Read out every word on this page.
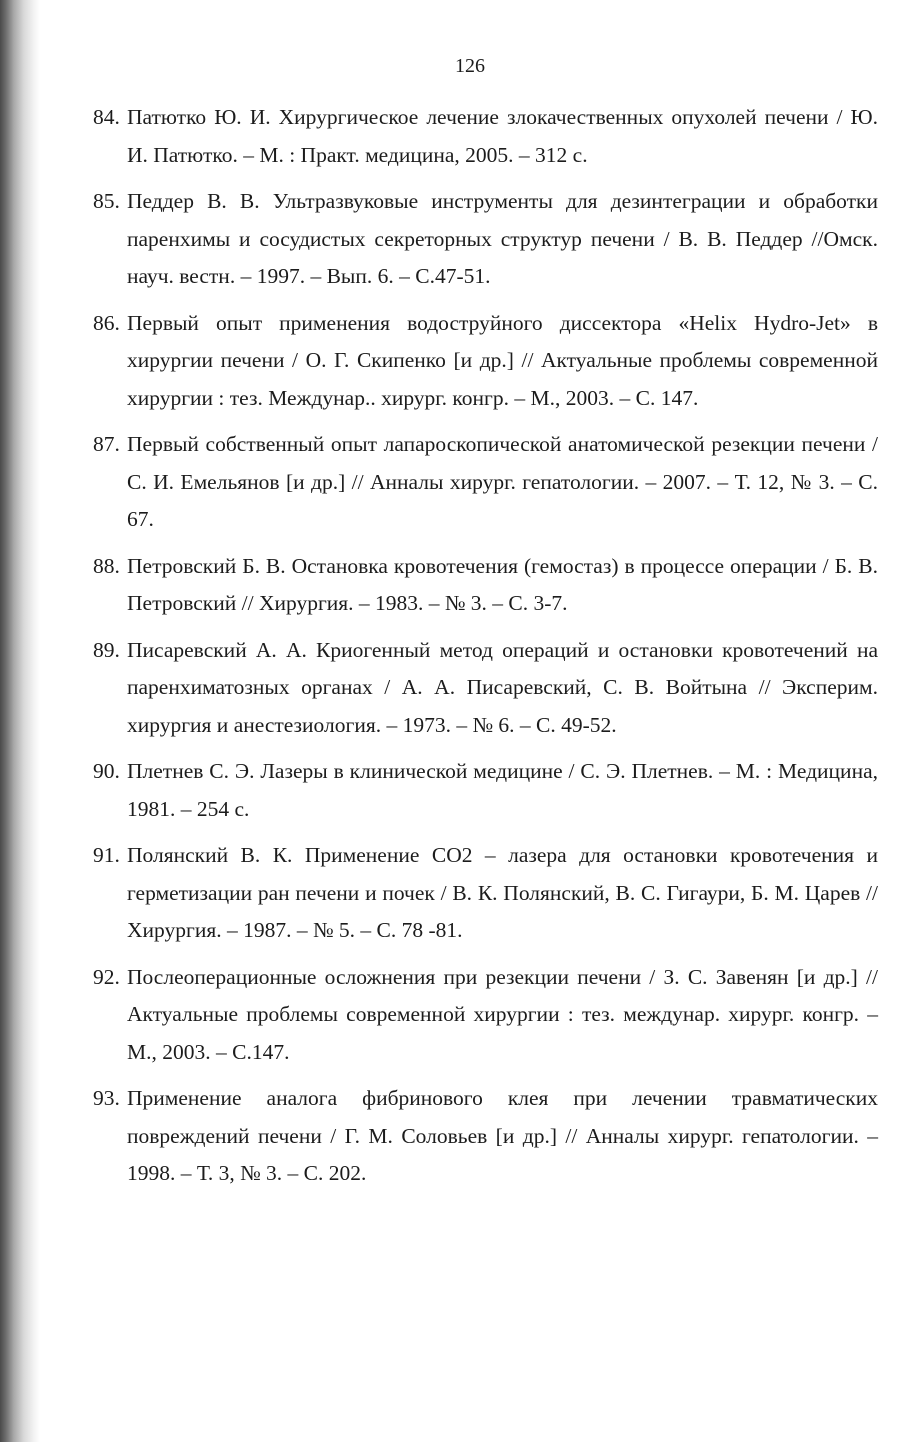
126
84. Патютко Ю. И. Хирургическое лечение злокачественных опухолей печени / Ю. И. Патютко. – М. : Практ. медицина, 2005. – 312 с.
85. Педдер В. В. Ультразвуковые инструменты для дезинтеграции и обработки паренхимы и сосудистых секреторных структур печени / В. В. Педдер //Омск. науч. вестн. – 1997. – Вып. 6. – С.47-51.
86. Первый опыт применения водоструйного диссектора «Helix Hydro-Jet» в хирургии печени / О. Г. Скипенко [и др.] // Актуальные проблемы современной хирургии : тез. Междунар.. хирург. конгр. – М., 2003. – С. 147.
87. Первый собственный опыт лапароскопической анатомической резекции печени / С. И. Емельянов [и др.] // Анналы хирург. гепатологии. – 2007. – Т. 12, № 3. – С. 67.
88. Петровский Б. В. Остановка кровотечения (гемостаз) в процессе операции / Б. В. Петровский // Хирургия. – 1983. – № 3. – С. 3-7.
89. Писаревский А. А. Криогенный метод операций и остановки кровотечений на паренхиматозных органах / А. А. Писаревский, С. В. Войтына // Эксперим. хирургия и анестезиология. – 1973. – № 6. – С. 49-52.
90. Плетнев С. Э. Лазеры в клинической медицине / С. Э. Плетнев. – М. : Медицина, 1981. – 254 с.
91. Полянский В. К. Применение СО2 – лазера для остановки кровотечения и герметизации ран печени и почек / В. К. Полянский, В. С. Гигаури, Б. М. Царев // Хирургия. – 1987. – № 5. – С. 78 -81.
92. Послеоперационные осложнения при резекции печени / З. С. Завенян [и др.] // Актуальные проблемы современной хирургии : тез. междунар. хирург. конгр. – М., 2003. – С.147.
93. Применение аналога фибринового клея при лечении травматических повреждений печени / Г. М. Соловьев [и др.] // Анналы хирург. гепатологии. – 1998. – Т. 3, № 3. – С. 202.
